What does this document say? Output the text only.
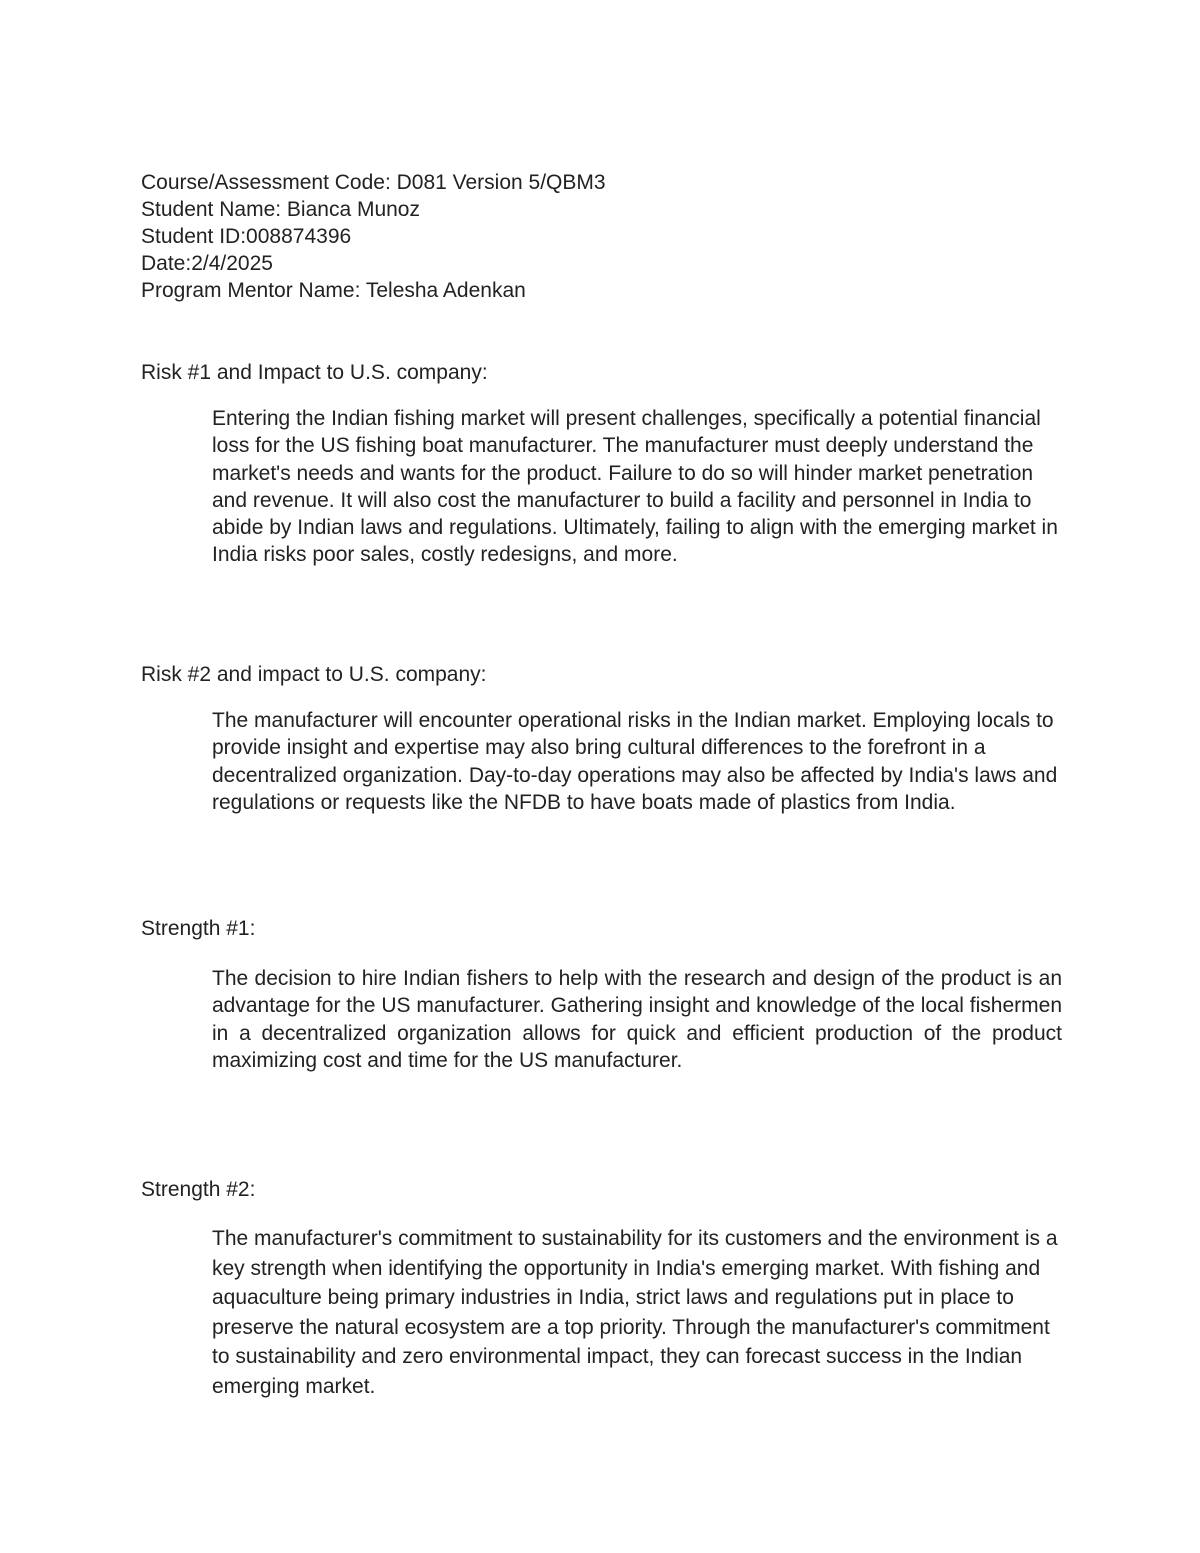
Course/Assessment Code: D081 Version 5/QBM3
Student Name: Bianca Munoz
Student ID:008874396
Date:2/4/2025
Program Mentor Name: Telesha Adenkan
Risk #1 and Impact to U.S. company:
Entering the Indian fishing market will present challenges, specifically a potential financial loss for the US fishing boat manufacturer. The manufacturer must deeply understand the market's needs and wants for the product. Failure to do so will hinder market penetration and revenue. It will also cost the manufacturer to build a facility and personnel in India to abide by Indian laws and regulations. Ultimately, failing to align with the emerging market in India risks poor sales, costly redesigns, and more.
Risk #2 and impact to U.S. company:
The manufacturer will encounter operational risks in the Indian market. Employing locals to provide insight and expertise may also bring cultural differences to the forefront in a decentralized organization. Day-to-day operations may also be affected by India's laws and regulations or requests like the NFDB to have boats made of plastics from India.
Strength #1:
The decision to hire Indian fishers to help with the research and design of the product is an advantage for the US manufacturer. Gathering insight and knowledge of the local fishermen in a decentralized organization allows for quick and efficient production of the product maximizing cost and time for the US manufacturer.
Strength #2:
The manufacturer's commitment to sustainability for its customers and the environment is a key strength when identifying the opportunity in India's emerging market. With fishing and aquaculture being primary industries in India, strict laws and regulations put in place to preserve the natural ecosystem are a top priority. Through the manufacturer's commitment to sustainability and zero environmental impact, they can forecast success in the Indian emerging market.
